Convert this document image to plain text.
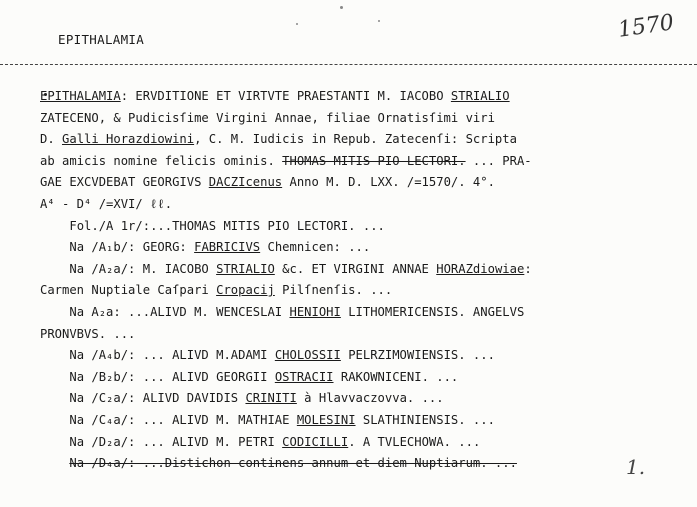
EPITHALAMIA	1570
EPITHALAMIA: ERVDITIONE ET VIRTVTE PRAESTANTI M. IACOBO STRIALIO
ZATECENO, & Pudicisſime Virgini Annae, filiae Ornatisſimi viri
D. Galli Horazdiowini, C. M. Iudicis in Repub. Zatecenſi: Scripta
ab amicis nomine felicis ominis. THOMAS MITIS PIO LECTORI. ... PRA-
GAE EXCVDEBAT GEORGIVS DACZIcenus Anno M. D. LXX. /=1570/. 4°.
A⁴ - D⁴ /=XVI/ ℓℓ.
Fol./A 1r/:...THOMAS MITIS PIO LECTORI. ...
Na /A₁b/: GEORG: FABRICIVS Chemnicen: ...
Na /A₂a/: M. IACOBO STRIALIO &c. ET VIRGINI ANNAE HORAZdiowiae:
Carmen Nuptiale Caſpari Cropacij Pilſnenſis. ...
Na A₂a: ...ALIVD M. WENCESLAI HENIOHI LITHOMERICENSIS. ANGELVS
PRONVBVS. ...
Na /A₄b/: ... ALIVD M.ADAMI CHOLOSSII PELRZIMOWIENSIS. ...
Na /B₂b/: ... ALIVD GEORGII OSTRACII RAKOWNICENI. ...
Na /C₂a/: ALIVD DAVIDIS CRINITI à Hlavvaczovva. ...
Na /C₄a/: ... ALIVD M. MATHIAE MOLESINI SLATHINIENSIS. ...
Na /D₂a/: ... ALIVD M. PETRI CODICILLI. A TVLECHOWA. ...
Na /D₄a/: ...Distichon continens annum et diem Nuptiarum. ...	1.
